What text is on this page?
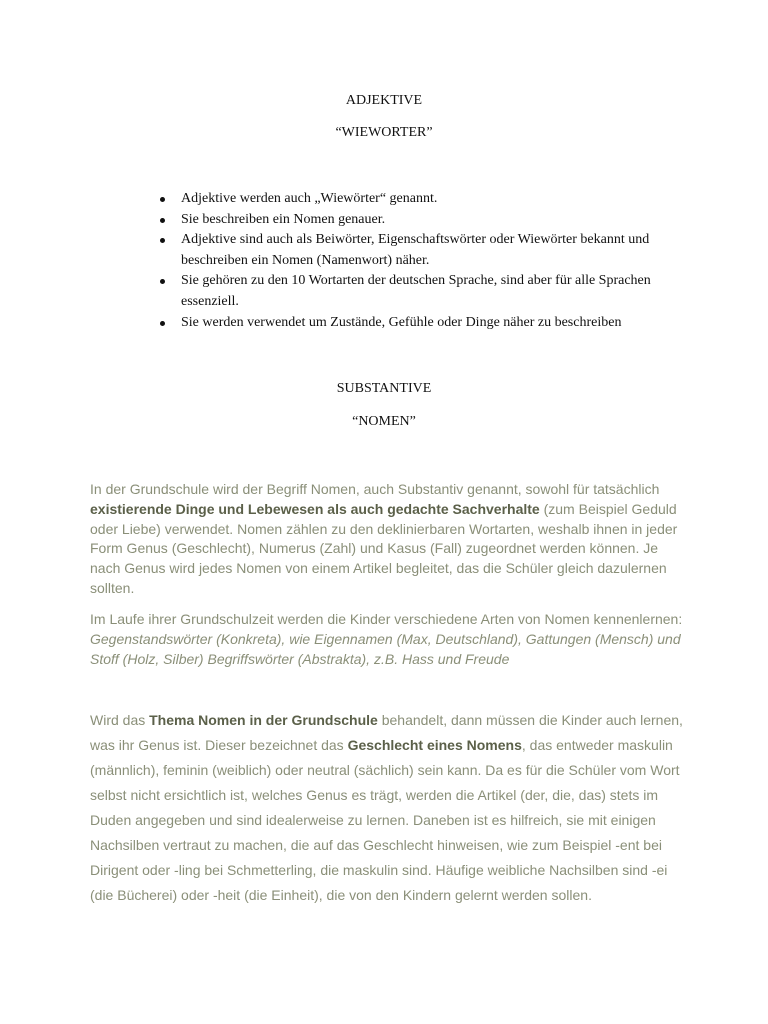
ADJEKTIVE
“WIEWORTER”
Adjektive werden auch „Wiewörter“ genannt.
Sie beschreiben ein Nomen genauer.
Adjektive sind auch als Beiwörter, Eigenschaftswörter oder Wiewörter bekannt und beschreiben ein Nomen (Namenwort) näher.
Sie gehören zu den 10 Wortarten der deutschen Sprache, sind aber für alle Sprachen essenziell.
Sie werden verwendet um Zustände, Gefühle oder Dinge näher zu beschreiben
SUBSTANTIVE
“NOMEN”

In der Grundschule wird der Begriff Nomen, auch Substantiv genannt, sowohl für tatsächlich existierende Dinge und Lebewesen als auch gedachte Sachverhalte (zum Beispiel Geduld oder Liebe) verwendet. Nomen zählen zu den deklinierbaren Wortarten, weshalb ihnen in jeder Form Genus (Geschlecht), Numerus (Zahl) und Kasus (Fall) zugeordnet werden können. Je nach Genus wird jedes Nomen von einem Artikel begleitet, das die Schüler gleich dazulernen sollten.

Im Laufe ihrer Grundschulzeit werden die Kinder verschiedene Arten von Nomen kennenlernen:
Gegenstandswörter (Konkreta), wie Eigennamen (Max, Deutschland), Gattungen (Mensch) und Stoff (Holz, Silber) Begriffswörter (Abstrakta), z.B. Hass und Freude

Wird das Thema Nomen in der Grundschule behandelt, dann müssen die Kinder auch lernen, was ihr Genus ist. Dieser bezeichnet das Geschlecht eines Nomens, das entweder maskulin (männlich), feminin (weiblich) oder neutral (sächlich) sein kann. Da es für die Schüler vom Wort selbst nicht ersichtlich ist, welches Genus es trägt, werden die Artikel (der, die, das) stets im Duden angegeben und sind idealerweise zu lernen. Daneben ist es hilfreich, sie mit einigen Nachsilben vertraut zu machen, die auf das Geschlecht hinweisen, wie zum Beispiel -ent bei Dirigent oder -ling bei Schmetterling, die maskulin sind. Häufige weibliche Nachsilben sind -ei (die Bücherei) oder -heit (die Einheit), die von den Kindern gelernt werden sollen.
